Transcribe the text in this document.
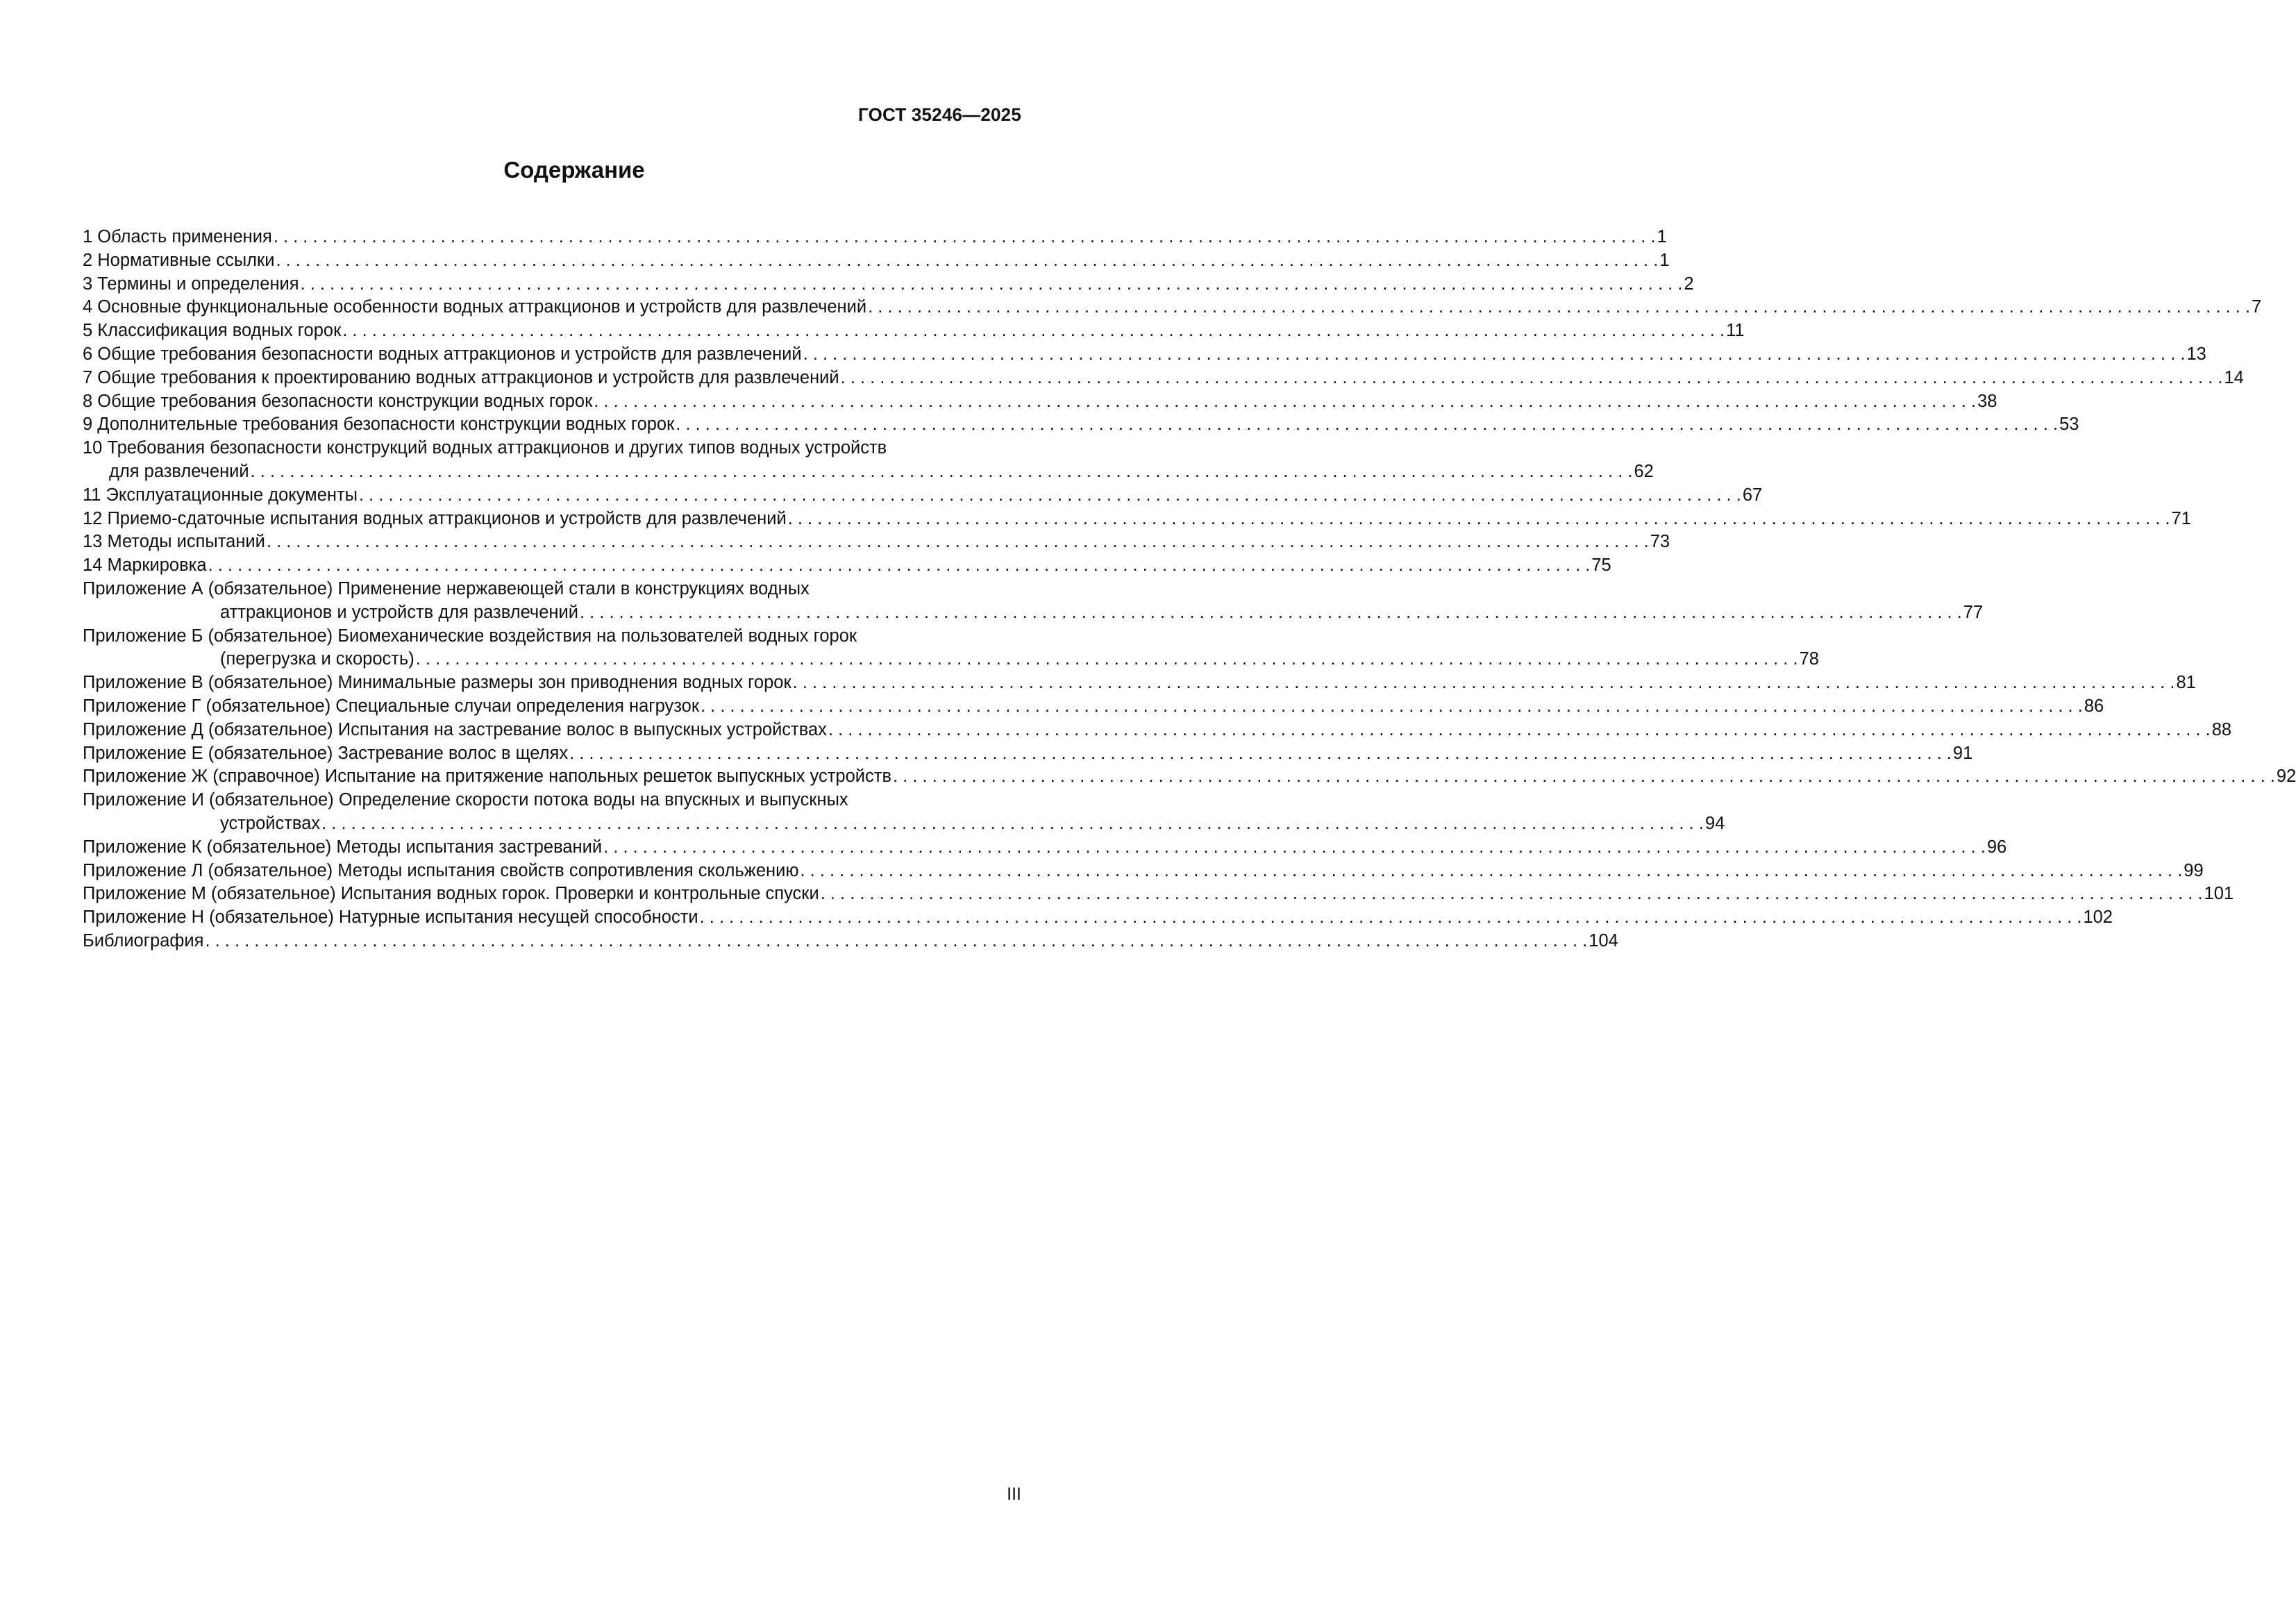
ГОСТ 35246—2025
Содержание
1 Область применения . . .	1
2 Нормативные ссылки . . .	1
3 Термины и определения . . .	2
4 Основные функциональные особенности водных аттракционов и устройств для развлечений . . .	7
5 Классификация водных горок . . .	11
6 Общие требования безопасности водных аттракционов и устройств для развлечений . . .	13
7 Общие требования к проектированию водных аттракционов и устройств для развлечений . . .	14
8 Общие требования безопасности конструкции водных горок . . .	38
9 Дополнительные требования безопасности конструкции водных горок . . .	53
10 Требования безопасности конструкций водных аттракционов и других типов водных устройств
для развлечений . . .	62
11 Эксплуатационные документы . . .	67
12 Приемо-сдаточные испытания водных аттракционов и устройств для развлечений . . .	71
13 Методы испытаний . . .	73
14 Маркировка . . .	75
Приложение А (обязательное) Применение нержавеющей стали в конструкциях водных
аттракционов и устройств для развлечений . . .	77
Приложение Б (обязательное) Биомеханические воздействия на пользователей водных горок
(перегрузка и скорость) . . .	78
Приложение В (обязательное) Минимальные размеры зон приводнения водных горок . . .	81
Приложение Г (обязательное) Специальные случаи определения нагрузок . . .	86
Приложение Д (обязательное) Испытания на застревание волос в выпускных устройствах . . .	88
Приложение Е (обязательное) Застревание волос в щелях . . .	91
Приложение Ж (справочное) Испытание на притяжение напольных решеток выпускных устройств . . .	92
Приложение И (обязательное) Определение скорости потока воды на впускных и выпускных
устройствах . . .	94
Приложение К (обязательное) Методы испытания застреваний . . .	96
Приложение Л (обязательное) Методы испытания свойств сопротивления скольжению . . .	99
Приложение М (обязательное) Испытания водных горок. Проверки и контрольные спуски . . .	101
Приложение Н (обязательное) Натурные испытания несущей способности . . .	102
Библиография . . .	104
III
